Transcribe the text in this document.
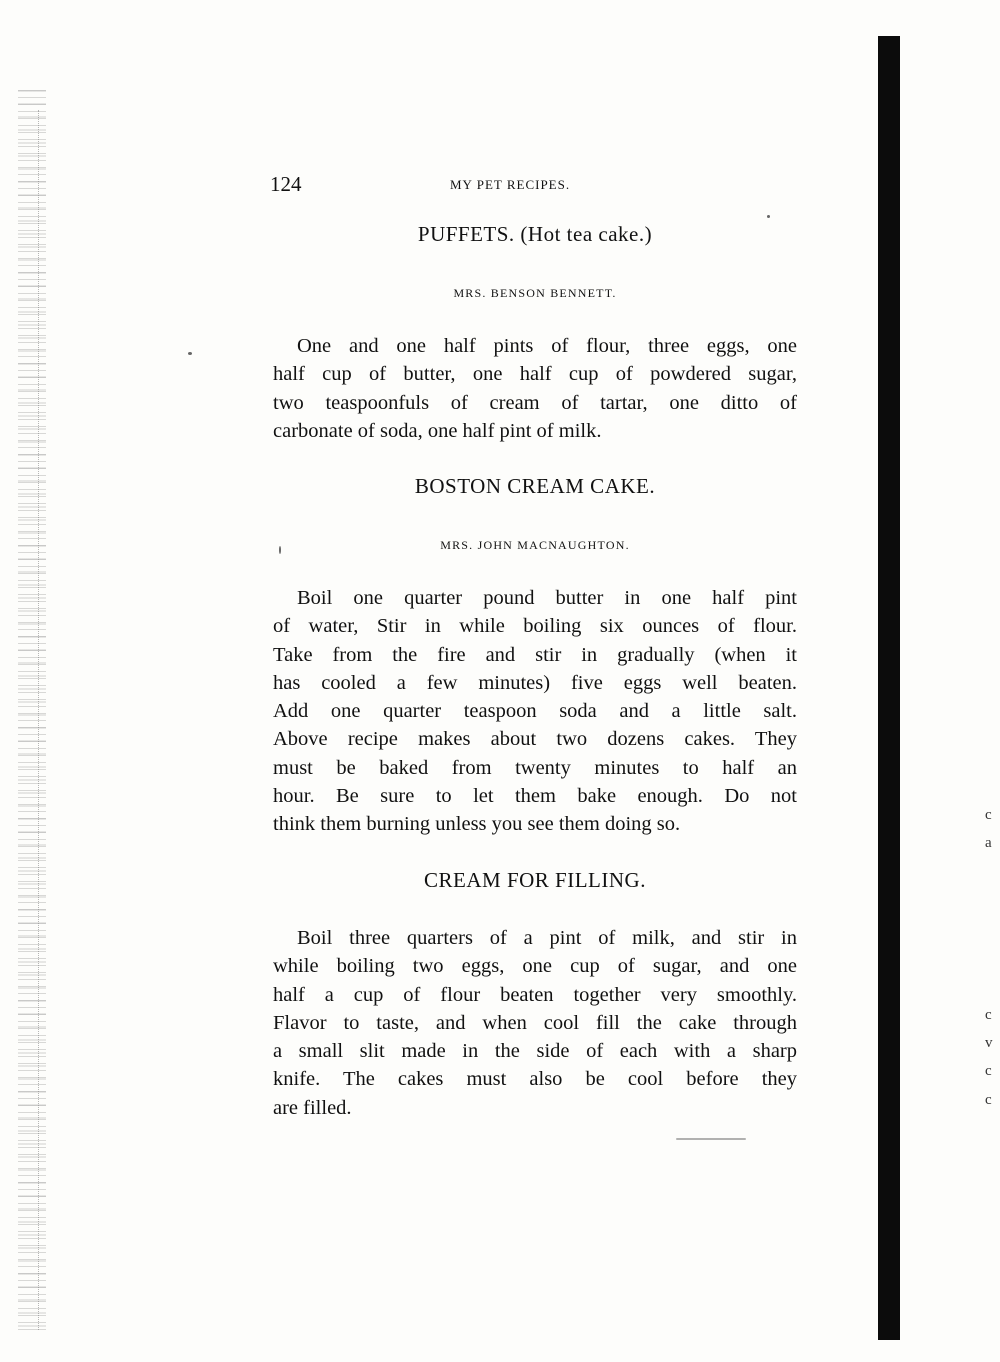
c
a
c
v
c
c
124	MY PET RECIPES.
PUFFETS. (Hot tea cake.)
MRS. BENSON BENNETT.
One and one half pints of flour, three eggs, one
half cup of butter, one half cup of powdered sugar,
two teaspoonfuls of cream of tartar, one ditto of
carbonate of soda, one half pint of milk.
BOSTON CREAM CAKE.
MRS. JOHN MACNAUGHTON.
Boil one quarter pound butter in one half pint
of water, Stir in while boiling six ounces of flour.
Take from the fire and stir in gradually (when it
has cooled a few minutes) five eggs well beaten.
Add one quarter teaspoon soda and a little salt.
Above recipe makes about two dozens cakes. They
must be baked from twenty minutes to half an
hour. Be sure to let them bake enough. Do not
think them burning unless you see them doing so.
CREAM FOR FILLING.
Boil three quarters of a pint of milk, and stir in
while boiling two eggs, one cup of sugar, and one
half a cup of flour beaten together very smoothly.
Flavor to taste, and when cool fill the cake through
a small slit made in the side of each with a sharp
knife. The cakes must also be cool before they
are filled.
